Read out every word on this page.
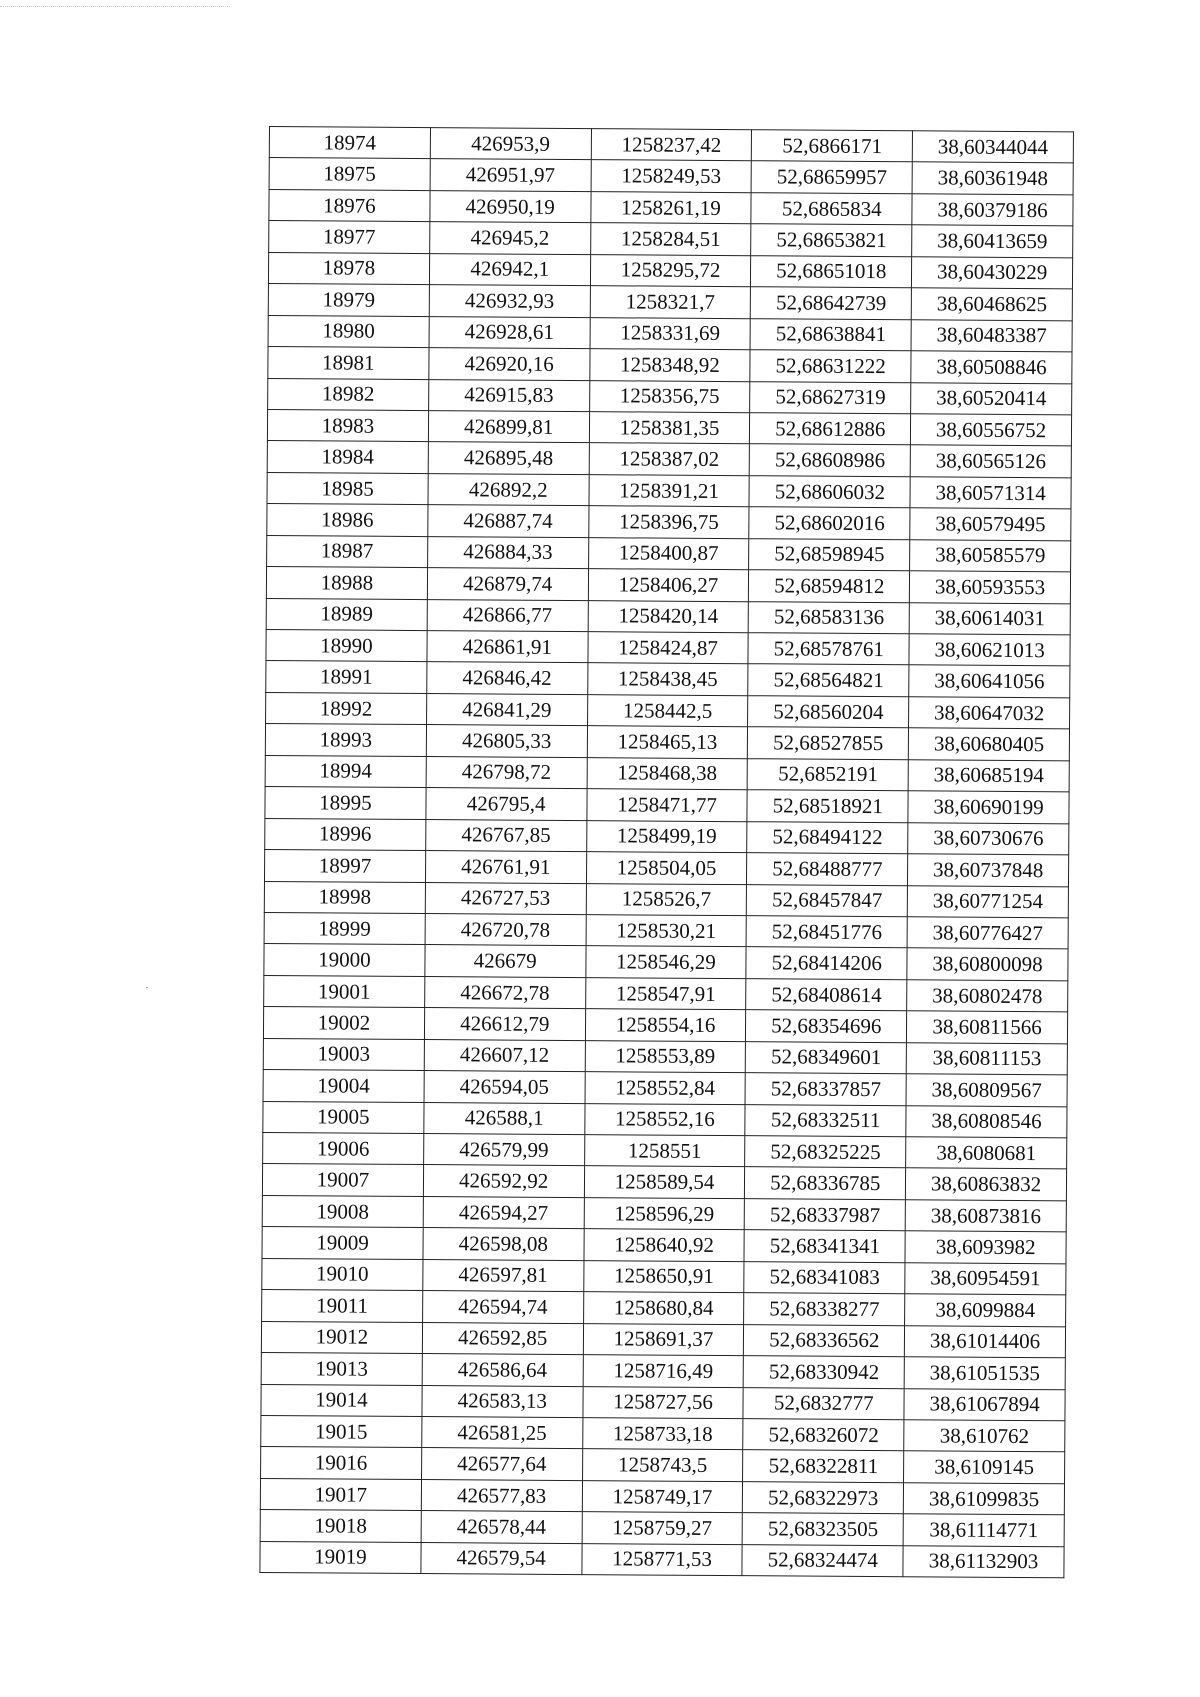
18974	426953,9	1258237,42	52,6866171	38,60344044
18975	426951,97	1258249,53	52,68659957	38,60361948
18976	426950,19	1258261,19	52,6865834	38,60379186
18977	426945,2	1258284,51	52,68653821	38,60413659
18978	426942,1	1258295,72	52,68651018	38,60430229
18979	426932,93	1258321,7	52,68642739	38,60468625
18980	426928,61	1258331,69	52,68638841	38,60483387
18981	426920,16	1258348,92	52,68631222	38,60508846
18982	426915,83	1258356,75	52,68627319	38,60520414
18983	426899,81	1258381,35	52,68612886	38,60556752
18984	426895,48	1258387,02	52,68608986	38,60565126
18985	426892,2	1258391,21	52,68606032	38,60571314
18986	426887,74	1258396,75	52,68602016	38,60579495
18987	426884,33	1258400,87	52,68598945	38,60585579
18988	426879,74	1258406,27	52,68594812	38,60593553
18989	426866,77	1258420,14	52,68583136	38,60614031
18990	426861,91	1258424,87	52,68578761	38,60621013
18991	426846,42	1258438,45	52,68564821	38,60641056
18992	426841,29	1258442,5	52,68560204	38,60647032
18993	426805,33	1258465,13	52,68527855	38,60680405
18994	426798,72	1258468,38	52,6852191	38,60685194
18995	426795,4	1258471,77	52,68518921	38,60690199
18996	426767,85	1258499,19	52,68494122	38,60730676
18997	426761,91	1258504,05	52,68488777	38,60737848
18998	426727,53	1258526,7	52,68457847	38,60771254
18999	426720,78	1258530,21	52,68451776	38,60776427
19000	426679	1258546,29	52,68414206	38,60800098
19001	426672,78	1258547,91	52,68408614	38,60802478
19002	426612,79	1258554,16	52,68354696	38,60811566
19003	426607,12	1258553,89	52,68349601	38,60811153
19004	426594,05	1258552,84	52,68337857	38,60809567
19005	426588,1	1258552,16	52,68332511	38,60808546
19006	426579,99	1258551	52,68325225	38,6080681
19007	426592,92	1258589,54	52,68336785	38,60863832
19008	426594,27	1258596,29	52,68337987	38,60873816
19009	426598,08	1258640,92	52,68341341	38,6093982
19010	426597,81	1258650,91	52,68341083	38,60954591
19011	426594,74	1258680,84	52,68338277	38,6099884
19012	426592,85	1258691,37	52,68336562	38,61014406
19013	426586,64	1258716,49	52,68330942	38,61051535
19014	426583,13	1258727,56	52,6832777	38,61067894
19015	426581,25	1258733,18	52,68326072	38,610762
19016	426577,64	1258743,5	52,68322811	38,6109145
19017	426577,83	1258749,17	52,68322973	38,61099835
19018	426578,44	1258759,27	52,68323505	38,61114771
19019	426579,54	1258771,53	52,68324474	38,61132903
